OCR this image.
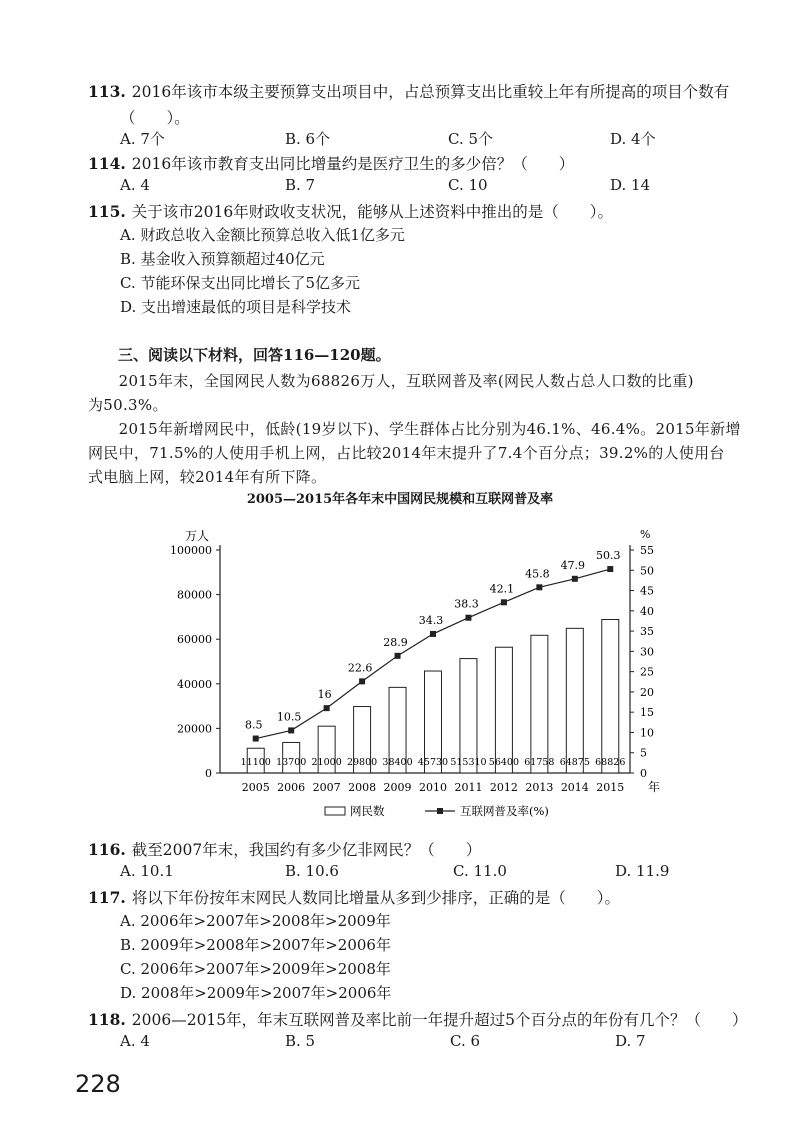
113. 2016年该市本级主要预算支出项目中，占总预算支出比重较上年有所提高的项目个数有
（　　）。
A. 7个	B. 6个	C. 5个	D. 4个
114. 2016年该市教育支出同比增量约是医疗卫生的多少倍？（　　）
A. 4	B. 7	C. 10	D. 14
115. 关于该市2016年财政收支状况，能够从上述资料中推出的是（　　）。
A. 财政总收入金额比预算总收入低1亿多元
B. 基金收入预算额超过40亿元
C. 节能环保支出同比增长了5亿多元
D. 支出增速最低的项目是科学技术
三、阅读以下材料，回答116—120题。
　　2015年末，全国网民人数为68826万人，互联网普及率(网民人数占总人口数的比重)
为50.3%。
　　2015年新增网民中，低龄(19岁以下)、学生群体占比分别为46.1%、46.4%。2015年新增
网民中，71.5%的人使用手机上网，占比较2014年末提升了7.4个百分点；39.2%的人使用台
式电脑上网，较2014年有所下降。
2005—2015年各年末中国网民规模和互联网普及率
万人	%
0
20000
40000
60000
80000
100000
0
5
10
15
20
25
30
35
40
45
50
55
2005 2006 2007 2008 2009 2010 2011 2012 2013 2014 2015 年
11100 13700 21000 29800 38400 45730 515310 56400 61758 64875 68826
8.5
10.5
16
22.6
28.9
34.3
38.3
42.1
45.8
47.9
50.3
网民数	互联网普及率(%)
116. 截至2007年末，我国约有多少亿非网民？（　　）
A. 10.1	B. 10.6	C. 11.0	D. 11.9
117. 将以下年份按年末网民人数同比增量从多到少排序，正确的是（　　）。
A. 2006年>2007年>2008年>2009年
B. 2009年>2008年>2007年>2006年
C. 2006年>2007年>2009年>2008年
D. 2008年>2009年>2007年>2006年
118. 2006—2015年，年末互联网普及率比前一年提升超过5个百分点的年份有几个？（　　）
A. 4	B. 5	C. 6	D. 7
228
